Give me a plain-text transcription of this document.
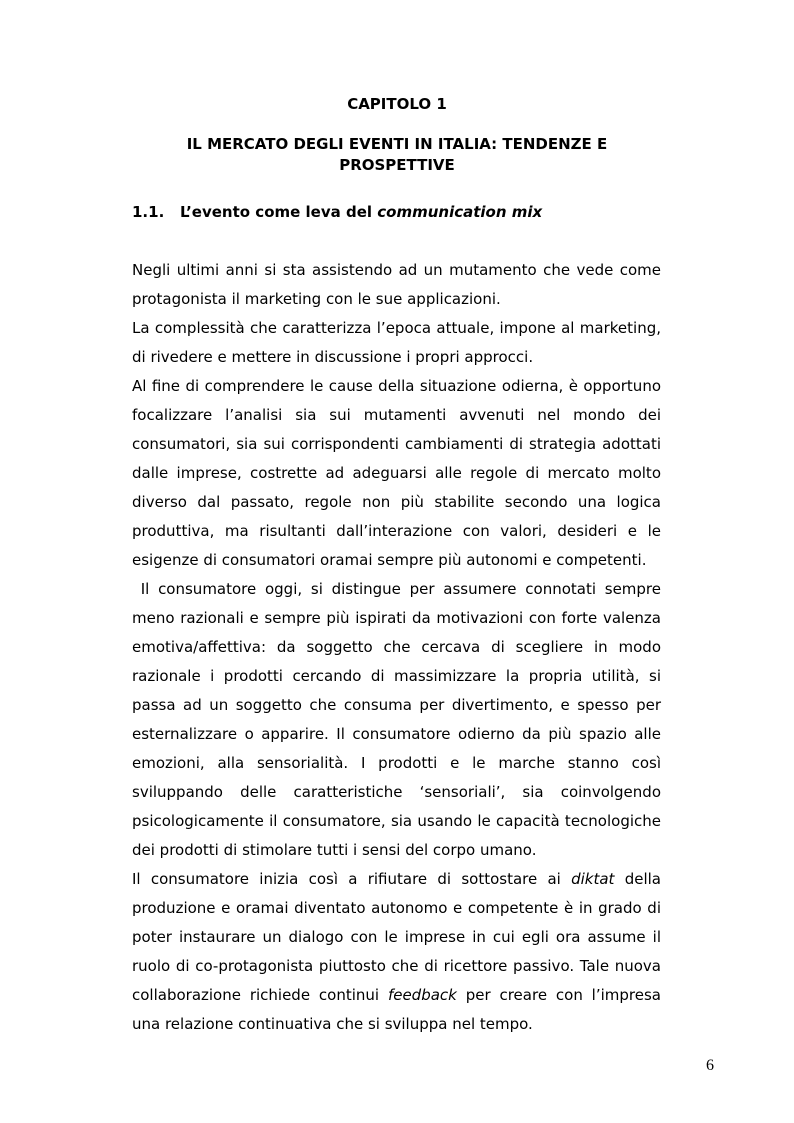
CAPITOLO 1
IL MERCATO DEGLI EVENTI IN ITALIA: TENDENZE E PROSPETTIVE
1.1. L’evento come leva del communication mix

Negli ultimi anni si sta assistendo ad un mutamento che vede come protagonista il marketing con le sue applicazioni.

La complessità che caratterizza l’epoca attuale, impone al marketing, di rivedere e mettere in discussione i propri approcci.

Al fine di comprendere le cause della situazione odierna, è opportuno focalizzare l’analisi sia sui mutamenti avvenuti nel mondo dei consumatori, sia sui corrispondenti cambiamenti di strategia adottati dalle imprese, costrette ad adeguarsi alle regole di mercato molto diverso dal passato, regole non più stabilite secondo una logica produttiva, ma risultanti dall’interazione con valori, desideri e le esigenze di consumatori oramai sempre più autonomi e competenti.

Il consumatore oggi, si distingue per assumere connotati sempre meno razionali e sempre più ispirati da motivazioni con forte valenza emotiva/affettiva: da soggetto che cercava di scegliere in modo razionale i prodotti cercando di massimizzare la propria utilità, si passa ad un soggetto che consuma per divertimento, e spesso per esternalizzare o apparire. Il consumatore odierno da più spazio alle emozioni, alla sensorialità. I prodotti e le marche stanno così sviluppando delle caratteristiche ‘sensoriali’, sia coinvolgendo psicologicamente il consumatore, sia usando le capacità tecnologiche dei prodotti di stimolare tutti i sensi del corpo umano.

Il consumatore inizia così a rifiutare di sottostare ai diktat della produzione e oramai diventato autonomo e competente è in grado di poter instaurare un dialogo con le imprese in cui egli ora assume il ruolo di co-protagonista piuttosto che di ricettore passivo. Tale nuova collaborazione richiede continui feedback per creare con l’impresa una relazione continuativa che si sviluppa nel tempo.

6
